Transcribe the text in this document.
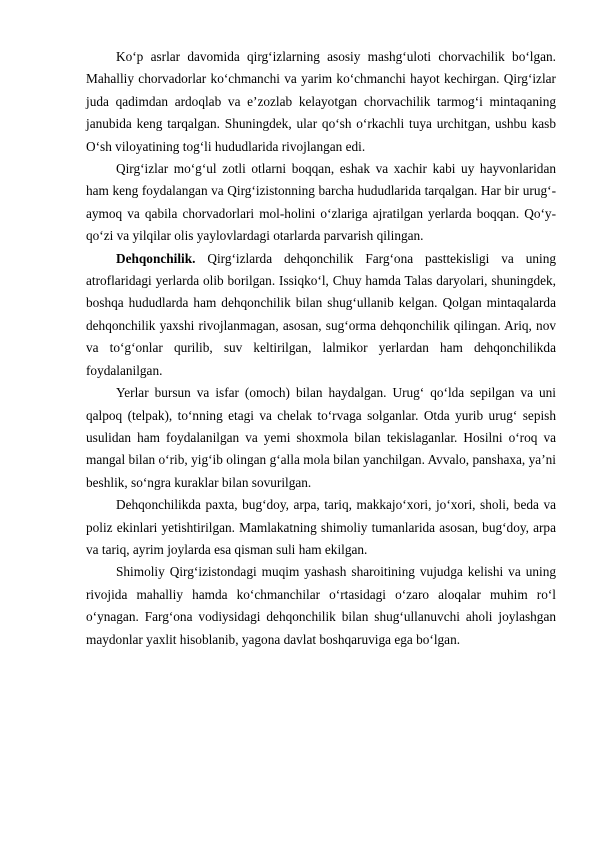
Ko‘p asrlar davomida qirg‘izlarning asosiy mashg‘uloti chorvachilik bo‘lgan. Mahalliy chorvadorlar ko‘chmanchi va yarim ko‘chmanchi hayot kechirgan. Qirg‘izlar juda qadimdan ardoqlab va e’zozlab kelayotgan chorvachilik tarmog‘i mintaqaning janubida keng tarqalgan. Shuningdek, ular qo‘sh o‘rkachli tuya urchitgan, ushbu kasb O‘sh viloyatining tog‘li hududlarida rivojlangan edi.

Qirg‘izlar mo‘g‘ul zotli otlarni boqqan, eshak va xachir kabi uy hayvonlaridan ham keng foydalangan va Qirg‘izistonning barcha hududlarida tarqalgan. Har bir urug‘-aymoq va qabila chorvadorlari mol-holini o‘zlariga ajratilgan yerlarda boqqan. Qo‘y-qo‘zi va yilqilar olis yaylovlardagi otarlarda parvarish qilingan.

Dehqonchilik. Qirg‘izlarda dehqonchilik Farg‘ona pasttekisligi va uning atroflaridagi yerlarda olib borilgan. Issiqko‘l, Chuy hamda Talas daryolari, shuningdek, boshqa hududlarda ham dehqonchilik bilan shug‘ullanib kelgan. Qolgan mintaqalarda dehqonchilik yaxshi rivojlanmagan, asosan, sug‘orma dehqonchilik qilingan. Ariq, nov va to‘g‘onlar qurilib, suv keltirilgan, lalmikor yerlardan ham dehqonchilikda foydalanilgan.

Yerlar bursun va isfar (omoch) bilan haydalgan. Urug‘ qo‘lda sepilgan va uni qalpoq (telpak), to‘nning etagi va chelak to‘rvaga solganlar. Otda yurib urug‘ sepish usulidan ham foydalanilgan va yemi shoxmola bilan tekislaganlar. Hosilni o‘roq va mangal bilan o‘rib, yig‘ib olingan g‘alla mola bilan yanchilgan. Avvalo, panshaxa, ya’ni beshlik, so‘ngra kuraklar bilan sovurilgan.

Dehqonchilikda paxta, bug‘doy, arpa, tariq, makkajo‘xori, jo‘xori, sholi, beda va poliz ekinlari yetishtirilgan. Mamlakatning shimoliy tumanlarida asosan, bug‘doy, arpa va tariq, ayrim joylarda esa qisman suli ham ekilgan.

Shimoliy Qirg‘izistondagi muqim yashash sharoitining vujudga kelishi va uning rivojida mahalliy hamda ko‘chmanchilar o‘rtasidagi o‘zaro aloqalar muhim ro‘l o‘ynagan. Farg‘ona vodiysidagi dehqonchilik bilan shug‘ullanuvchi aholi joylashgan maydonlar yaxlit hisoblanib, yagona davlat boshqaruviga ega bo‘lgan.
